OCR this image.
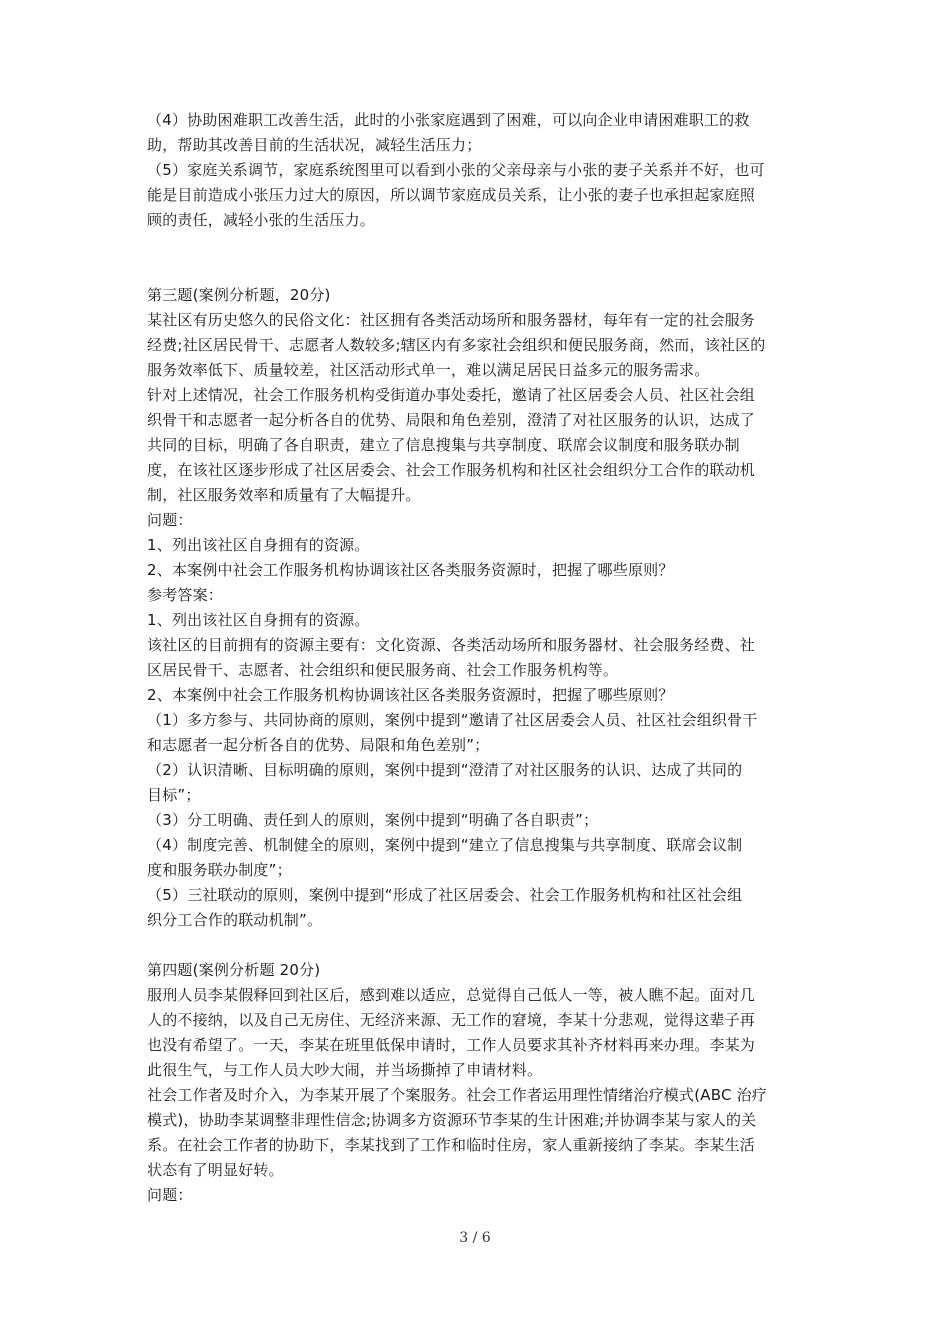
（4）协助困难职工改善生活，此时的小张家庭遇到了困难，可以向企业申请困难职工的救
助，帮助其改善目前的生活状况，减轻生活压力；
（5）家庭关系调节，家庭系统图里可以看到小张的父亲母亲与小张的妻子关系并不好，也可
能是目前造成小张压力过大的原因，所以调节家庭成员关系，让小张的妻子也承担起家庭照
顾的责任，减轻小张的生活压力。
第三题(案例分析题，20分)
某社区有历史悠久的民俗文化：社区拥有各类活动场所和服务器材，每年有一定的社会服务
经费;社区居民骨干、志愿者人数较多;辖区内有多家社会组织和便民服务商，然而，该社区的
服务效率低下、质量较差，社区活动形式单一，难以满足居民日益多元的服务需求。
针对上述情况，社会工作服务机构受街道办事处委托，邀请了社区居委会人员、社区社会组
织骨干和志愿者一起分析各自的优势、局限和角色差别，澄清了对社区服务的认识，达成了
共同的目标，明确了各自职责，建立了信息搜集与共享制度、联席会议制度和服务联办制
度，在该社区逐步形成了社区居委会、社会工作服务机构和社区社会组织分工合作的联动机
制，社区服务效率和质量有了大幅提升。
问题：
1、列出该社区自身拥有的资源。
2、本案例中社会工作服务机构协调该社区各类服务资源时，把握了哪些原则？
参考答案：
1、列出该社区自身拥有的资源。
该社区的目前拥有的资源主要有：文化资源、各类活动场所和服务器材、社会服务经费、社
区居民骨干、志愿者、社会组织和便民服务商、社会工作服务机构等。
2、本案例中社会工作服务机构协调该社区各类服务资源时，把握了哪些原则？
（1）多方参与、共同协商的原则，案例中提到“邀请了社区居委会人员、社区社会组织骨干
和志愿者一起分析各自的优势、局限和角色差别”；
（2）认识清晰、目标明确的原则，案例中提到“澄清了对社区服务的认识、达成了共同的
目标”；
（3）分工明确、责任到人的原则，案例中提到“明确了各自职责”；
（4）制度完善、机制健全的原则，案例中提到“建立了信息搜集与共享制度、联席会议制
度和服务联办制度”；
（5）三社联动的原则，案例中提到“形成了社区居委会、社会工作服务机构和社区社会组
织分工合作的联动机制”。
第四题(案例分析题 20分)
服刑人员李某假释回到社区后，感到难以适应，总觉得自己低人一等，被人瞧不起。面对几
人的不接纳，以及自己无房住、无经济来源、无工作的窘境，李某十分悲观，觉得这辈子再
也没有希望了。一天，李某在班里低保申请时，工作人员要求其补齐材料再来办理。李某为
此很生气，与工作人员大吵大闹，并当场撕掉了申请材料。
社会工作者及时介入，为李某开展了个案服务。社会工作者运用理性情绪治疗模式(ABC 治疗
模式)，协助李某调整非理性信念;协调多方资源环节李某的生计困难;并协调李某与家人的关
系。在社会工作者的协助下，李某找到了工作和临时住房，家人重新接纳了李某。李某生活
状态有了明显好转。
问题：
3 / 6
